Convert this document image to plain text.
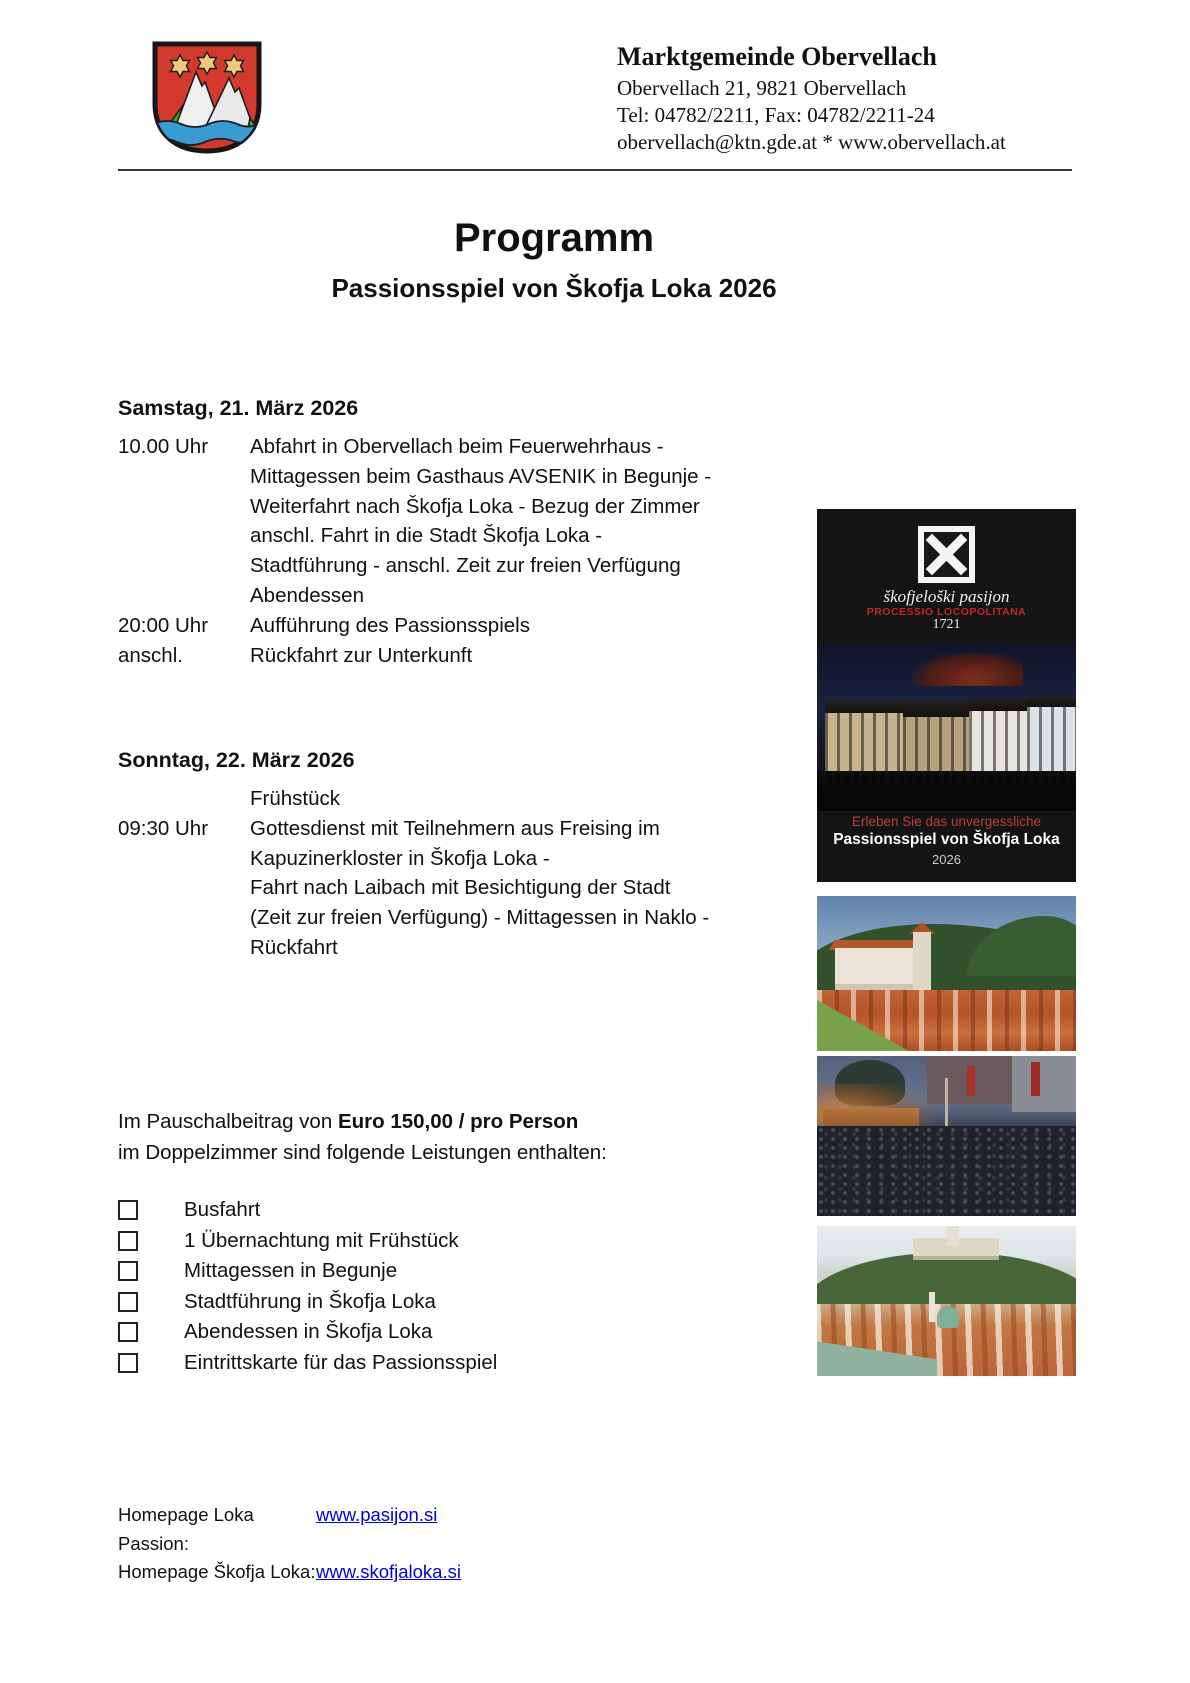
Marktgemeinde Obervellach
Obervellach 21, 9821 Obervellach
Tel: 04782/2211, Fax: 04782/2211-24
obervellach@ktn.gde.at * www.obervellach.at
Programm
Passionsspiel von Škofja Loka 2026
Samstag, 21. März 2026
10.00 Uhr	Abfahrt in Obervellach beim Feuerwehrhaus -
Mittagessen beim Gasthaus AVSENIK in Begunje -
Weiterfahrt nach Škofja Loka - Bezug der Zimmer
anschl. Fahrt in die Stadt Škofja Loka -
Stadtführung - anschl. Zeit zur freien Verfügung
Abendessen
20:00 Uhr	Aufführung des Passionsspiels
anschl.	Rückfahrt zur Unterkunft
Sonntag, 22. März 2026
Frühstück
09:30 Uhr	Gottesdienst mit Teilnehmern aus Freising im
Kapuzinerkloster in Škofja Loka -
Fahrt nach Laibach mit Besichtigung der Stadt
(Zeit zur freien Verfügung) - Mittagessen in Naklo -
Rückfahrt
Im Pauschalbeitrag von Euro 150,00 / pro Person
im Doppelzimmer sind folgende Leistungen enthalten:
Busfahrt
1 Übernachtung mit Frühstück
Mittagessen in Begunje
Stadtführung in Škofja Loka
Abendessen in Škofja Loka
Eintrittskarte für das Passionsspiel
Homepage Loka Passion:
www.pasijon.si
Homepage Škofja Loka: www.skofjaloka.si
škofjeloški pasijon
PROCESSIO LOCOPOLITANA
1721
Erleben Sie das unvergessliche
Passionsspiel von Škofja Loka
2026
